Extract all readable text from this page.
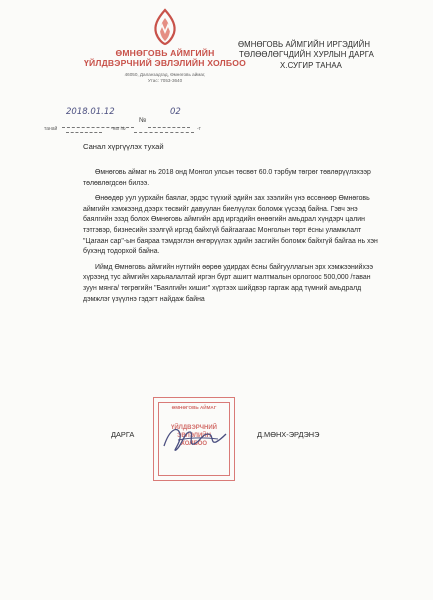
ӨМНӨГОВЬ АЙМГИЙН
ҮЙЛДВЭРЧНИЙ ЭВЛЭЛИЙН ХОЛБОО
46050, Даланзадгад, Өмнөговь аймаг,
Утас: 7053-3640
ӨМНӨГОВЬ АЙМГИЙН ИРГЭДИЙН
ТӨЛӨӨЛӨГЧДИЙН ХУРЛЫН ДАРГА
Х.СУГИР ТАНАА
2018.01.12
№
02
танай	-ны №	-т
Санал хүргүүлэх тухай
Өмнөговь аймаг нь 2018 онд Монгол улсын төсвөт 60.0 тэрбум төгрөг төвлөрүүлэхээр төлөвлөгдсөн билээ.
Өнөөдөр уул уурхайн баялаг, эрдэс түүхий эдийн зах зээлийн үнэ өссөнөөр Өмнөговь аймгийн хэмжээнд дээрх төсвийг давуулан биелүүлэх боломж үүсээд байна. Гэвч энэ баялгийн эзэд болох Өмнөговь аймгийн ард иргэдийн өнөөгийн амьдрал хүндэрч цалин тэтгэвэр, бизнесийн зээлгүй иргэд байхгүй байгаагаас Монголын төрт ёсны уламжлалт "Цагаан сар"-ын баяраа тэмдэглэн өнгөрүүлэх эдийн засгийн боломж байхгүй байгаа нь хэн бүхэнд тодорхой байна.
Иймд Өмнөговь аймгийн нутгийн өөрөө удирдах ёсны байгууллагын эрх хэмжээнийхээ хүрээнд тус аймгийн харьяалалтай иргэн бүрт ашигт малтмалын орлогоос 500,000 /таван зуун мянга/ төгрөгийн "Баялгийн хишиг" хүртээх шийдвэр гаргаж ард түмний амьдралд дэмжлэг үзүүлнэ гэдэгт найдаж байна
ӨМНӨГОВЬ АЙМАГ
ҮЙЛДВЭРЧНИЙ
ЭВЛЭЛИЙН
ХОЛБОО
ДАРГА	Д.МӨНХ-ЭРДЭНЭ
